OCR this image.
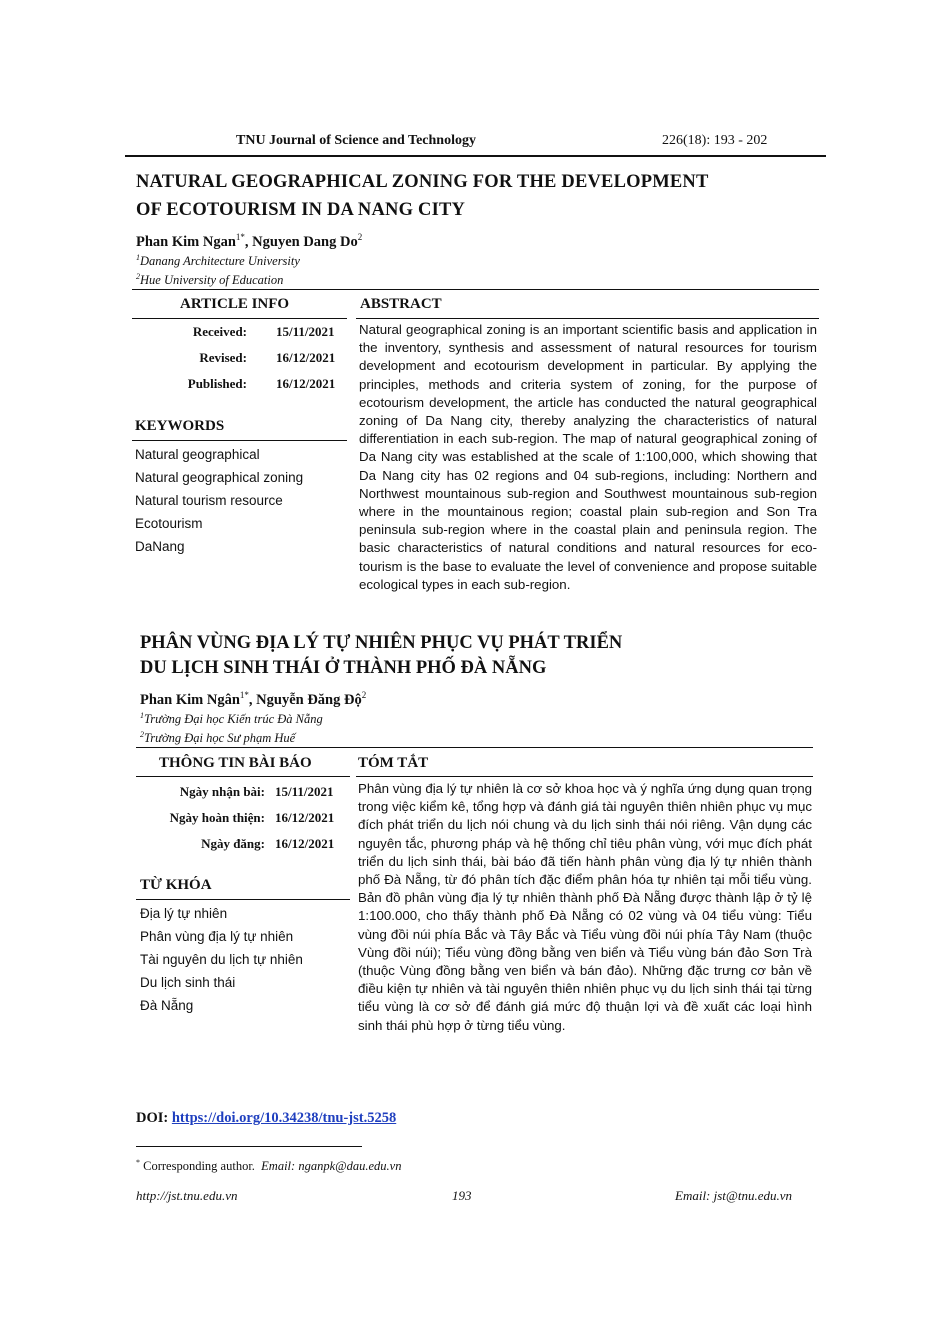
TNU Journal of Science and Technology	226(18): 193 - 202
NATURAL GEOGRAPHICAL ZONING FOR THE DEVELOPMENT
OF ECOTOURISM IN DA NANG CITY
Phan Kim Ngan$^{1*}$, Nguyen Dang Do$^2$
$^1$Danang Architecture University
$^2$Hue University of Education
ARTICLE INFO	ABSTRACT
Received: 15/11/2021
Revised: 16/12/2021
Published: 16/12/2021
KEYWORDS
Natural geographical
Natural geographical zoning
Natural tourism resource
Ecotourism
DaNang

Natural geographical zoning is an important scientific basis and application in the inventory, synthesis and assessment of natural resources for tourism development and ecotourism development in particular. By applying the principles, methods and criteria system of zoning, for the purpose of ecotourism development, the article has conducted the natural geographical zoning of Da Nang city, thereby analyzing the characteristics of natural differentiation in each sub-region. The map of natural geographical zoning of Da Nang city was established at the scale of 1:100,000, which showing that Da Nang city has 02 regions and 04 sub-regions, including: Northern and Northwest mountainous sub-region and Southwest mountainous sub-region where in the mountainous region; coastal plain sub-region and Son Tra peninsula sub-region where in the coastal plain and peninsula region. The basic characteristics of natural conditions and natural resources for eco-tourism is the base to evaluate the level of convenience and propose suitable ecological types in each sub-region.

PHÂN VÙNG ĐỊA LÝ TỰ NHIÊN PHỤC VỤ PHÁT TRIỂN
DU LỊCH SINH THÁI Ở THÀNH PHỐ ĐÀ NẴNG
Phan Kim Ngân$^{1*}$, Nguyễn Đăng Độ$^2$
$^1$Trường Đại học Kiến trúc Đà Nẵng
$^2$Trường Đại học Sư phạm Huế
THÔNG TIN BÀI BÁO	TÓM TẮT
Ngày nhận bài: 15/11/2021
Ngày hoàn thiện: 16/12/2021
Ngày đăng: 16/12/2021
TỪ KHÓA
Địa lý tự nhiên
Phân vùng địa lý tự nhiên
Tài nguyên du lịch tự nhiên
Du lịch sinh thái
Đà Nẵng

Phân vùng địa lý tự nhiên là cơ sở khoa học và ý nghĩa ứng dụng quan trọng trong việc kiểm kê, tổng hợp và đánh giá tài nguyên thiên nhiên phục vụ mục đích phát triển du lịch nói chung và du lịch sinh thái nói riêng. Vận dụng các nguyên tắc, phương pháp và hệ thống chỉ tiêu phân vùng, với mục đích phát triển du lịch sinh thái, bài báo đã tiến hành phân vùng địa lý tự nhiên thành phố Đà Nẵng, từ đó phân tích đặc điểm phân hóa tự nhiên tại mỗi tiểu vùng. Bản đồ phân vùng địa lý tự nhiên thành phố Đà Nẵng được thành lập ở tỷ lệ 1:100.000, cho thấy thành phố Đà Nẵng có 02 vùng và 04 tiểu vùng: Tiểu vùng đồi núi phía Bắc và Tây Bắc và Tiểu vùng đồi núi phía Tây Nam (thuộc Vùng đồi núi); Tiểu vùng đồng bằng ven biển và Tiểu vùng bán đảo Sơn Trà (thuộc Vùng đồng bằng ven biển và bán đảo). Những đặc trưng cơ bản về điều kiện tự nhiên và tài nguyên thiên nhiên phục vụ du lịch sinh thái tại từng tiểu vùng là cơ sở để đánh giá mức độ thuận lợi và đề xuất các loại hình sinh thái phù hợp ở từng tiểu vùng.

DOI: https://doi.org/10.34238/tnu-jst.5258
* Corresponding author. Email: nganpk@dau.edu.vn
http://jst.tnu.edu.vn	193	Email: jst@tnu.edu.vn
